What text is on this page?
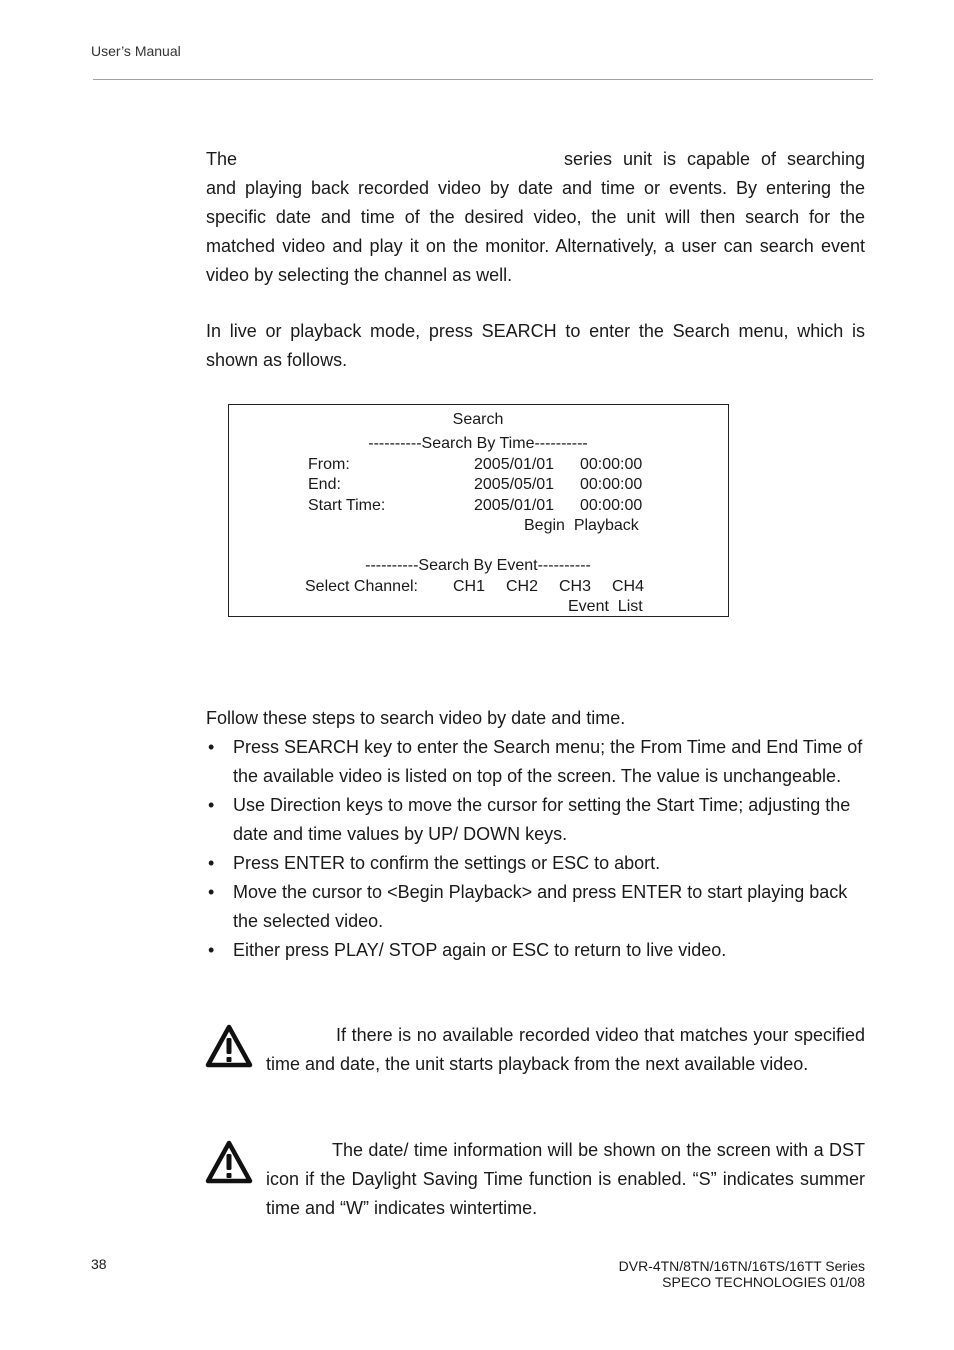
User’s Manual
The	series unit is capable of searching and playing back recorded video by date and time or events. By entering the specific date and time of the desired video, the unit will then search for the matched video and play it on the monitor. Alternatively, a user can search event video by selecting the channel as well.
In live or playback mode, press SEARCH to enter the Search menu, which is shown as follows.
Search
----------Search By Time----------
From:	2005/01/01 00:00:00
End:	2005/05/01 00:00:00
Start Time:	2005/01/01 00:00:00
Begin  Playback
----------Search By Event----------
Select Channel: CH1 CH2 CH3 CH4
Event  List
Follow these steps to search video by date and time.
• Press SEARCH key to enter the Search menu; the From Time and End Time of the available video is listed on top of the screen. The value is unchangeable.
• Use Direction keys to move the cursor for setting the Start Time; adjusting the date and time values by UP/ DOWN keys.
• Press ENTER to confirm the settings or ESC to abort.
• Move the cursor to <Begin Playback> and press ENTER to start playing back the selected video.
• Either press PLAY/ STOP again or ESC to return to live video.
If there is no available recorded video that matches your specified time and date, the unit starts playback from the next available video.
The date/ time information will be shown on the screen with a DST icon if the Daylight Saving Time function is enabled. “S” indicates summer time and “W” indicates wintertime.
38	DVR-4TN/8TN/16TN/16TS/16TT Series
SPECO TECHNOLOGIES 01/08
